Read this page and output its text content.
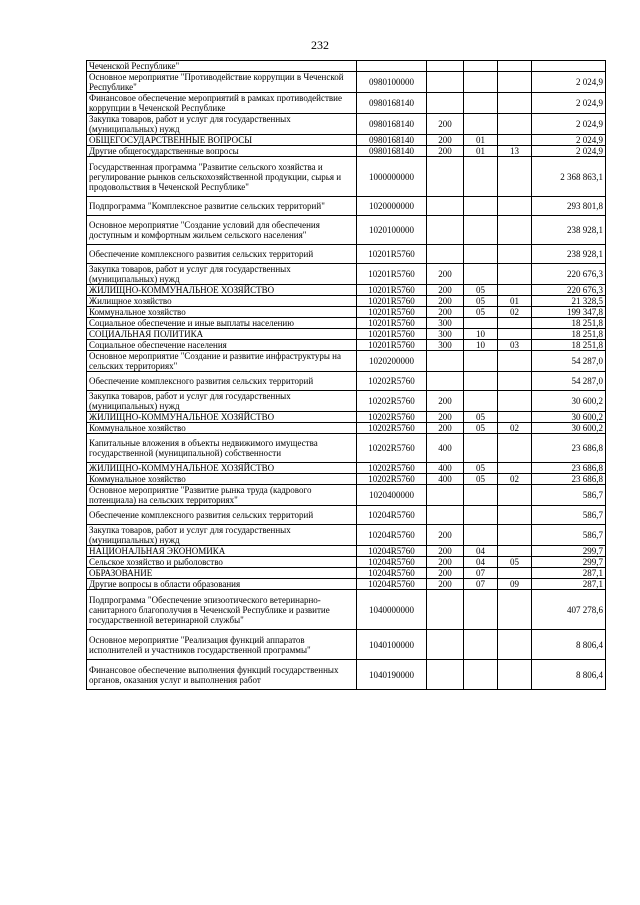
232
Чеченской Республике"					
Основное мероприятие "Противодействие коррупции в Чеченской Республике"	0980100000				2 024,9
Финансовое обеспечение мероприятий в рамках противодействие коррупции в Чеченской Республике	0980168140				2 024,9
Закупка товаров, работ и услуг для государственных (муниципальных) нужд	0980168140	200			2 024,9
ОБЩЕГОСУДАРСТВЕННЫЕ ВОПРОСЫ	0980168140	200	01		2 024,9
Другие общегосударственные вопросы	0980168140	200	01	13	2 024,9
Государственная программа "Развитие сельского хозяйства и регулирование рынков сельскохозяйственной продукции, сырья и продовольствия в Чеченской Республике"	1000000000				2 368 863,1
Подпрограмма "Комплексное развитие сельских территорий"	1020000000				293 801,8
Основное мероприятие "Создание условий для обеспечения доступным и комфортным жильем сельского населения"	1020100000				238 928,1
Обеспечение комплексного развития сельских территорий	10201R5760				238 928,1
Закупка товаров, работ и услуг для государственных (муниципальных) нужд	10201R5760	200			220 676,3
ЖИЛИЩНО-КОММУНАЛЬНОЕ ХОЗЯЙСТВО	10201R5760	200	05		220 676,3
Жилищное хозяйство	10201R5760	200	05	01	21 328,5
Коммунальное хозяйство	10201R5760	200	05	02	199 347,8
Социальное обеспечение и иные выплаты населению	10201R5760	300			18 251,8
СОЦИАЛЬНАЯ ПОЛИТИКА	10201R5760	300	10		18 251,8
Социальное обеспечение населения	10201R5760	300	10	03	18 251,8
Основное мероприятие "Создание и развитие инфраструктуры на сельских территориях"	1020200000				54 287,0
Обеспечение комплексного развития сельских территорий	10202R5760				54 287,0
Закупка товаров, работ и услуг для государственных (муниципальных) нужд	10202R5760	200			30 600,2
ЖИЛИЩНО-КОММУНАЛЬНОЕ ХОЗЯЙСТВО	10202R5760	200	05		30 600,2
Коммунальное хозяйство	10202R5760	200	05	02	30 600,2
Капитальные вложения в объекты недвижимого имущества государственной (муниципальной) собственности	10202R5760	400			23 686,8
ЖИЛИЩНО-КОММУНАЛЬНОЕ ХОЗЯЙСТВО	10202R5760	400	05		23 686,8
Коммунальное хозяйство	10202R5760	400	05	02	23 686,8
Основное мероприятие "Развитие рынка труда (кадрового потенциала) на сельских территориях"	1020400000				586,7
Обеспечение комплексного развития сельских территорий	10204R5760				586,7
Закупка товаров, работ и услуг для государственных (муниципальных) нужд	10204R5760	200			586,7
НАЦИОНАЛЬНАЯ ЭКОНОМИКА	10204R5760	200	04		299,7
Сельское хозяйство и рыболовство	10204R5760	200	04	05	299,7
ОБРАЗОВАНИЕ	10204R5760	200	07		287,1
Другие вопросы в области образования	10204R5760	200	07	09	287,1
Подпрограмма "Обеспечение эпизоотического ветеринарно-санитарного благополучия в Чеченской Республике и развитие государственной ветеринарной службы"	1040000000				407 278,6
Основное мероприятие "Реализация функций аппаратов исполнителей и участников государственной программы"	1040100000				8 806,4
Финансовое обеспечение выполнения функций государственных органов, оказания услуг и выполнения работ	1040190000				8 806,4
